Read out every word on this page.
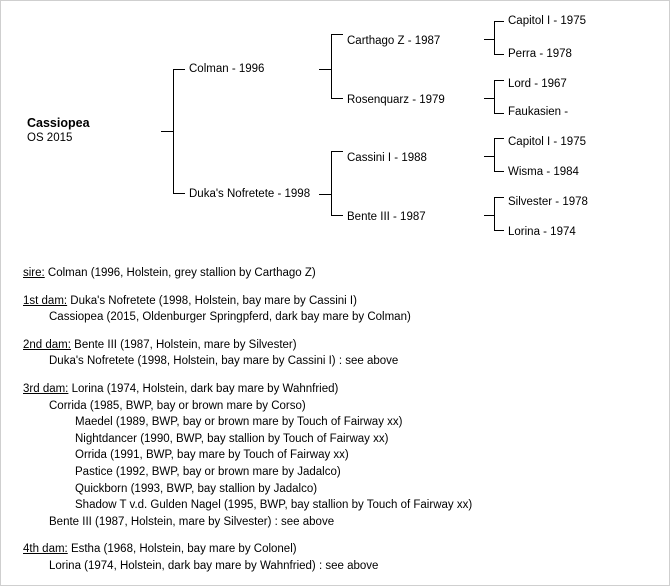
Cassiopea
OS 2015
Colman - 1996
Duka's Nofretete - 1998
Carthago Z - 1987
Rosenquarz - 1979
Cassini I - 1988
Bente III - 1987
Capitol I - 1975
Perra - 1978
Lord - 1967
Faukasien -
Capitol I - 1975
Wisma - 1984
Silvester - 1978
Lorina - 1974
sire: Colman (1996, Holstein, grey stallion by Carthago Z)
1st dam: Duka's Nofretete (1998, Holstein, bay mare by Cassini I)
Cassiopea (2015, Oldenburger Springpferd, dark bay mare by Colman)
2nd dam: Bente III (1987, Holstein, mare by Silvester)
Duka's Nofretete (1998, Holstein, bay mare by Cassini I) : see above
3rd dam: Lorina (1974, Holstein, dark bay mare by Wahnfried)
Corrida (1985, BWP, bay or brown mare by Corso)
Maedel (1989, BWP, bay or brown mare by Touch of Fairway xx)
Nightdancer (1990, BWP, bay stallion by Touch of Fairway xx)
Orrida (1991, BWP, bay mare by Touch of Fairway xx)
Pastice (1992, BWP, bay or brown mare by Jadalco)
Quickborn (1993, BWP, bay stallion by Jadalco)
Shadow T v.d. Gulden Nagel (1995, BWP, bay stallion by Touch of Fairway xx)
Bente III (1987, Holstein, mare by Silvester) : see above
4th dam: Estha (1968, Holstein, bay mare by Colonel)
Lorina (1974, Holstein, dark bay mare by Wahnfried) : see above
